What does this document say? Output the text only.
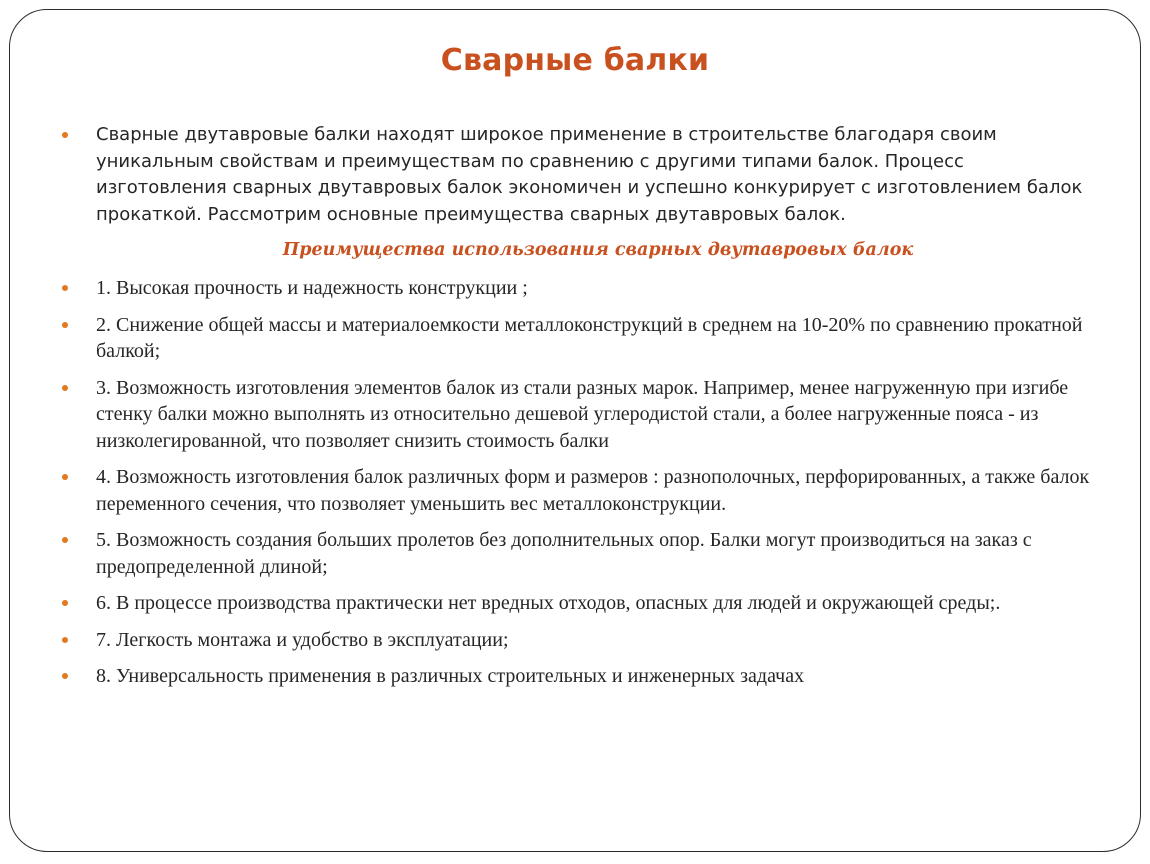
Сварные балки
Сварные двутавровые балки находят широкое применение в строительстве благодаря своим уникальным свойствам и преимуществам по сравнению с другими типами балок. Процесс изготовления сварных двутавровых балок экономичен и успешно конкурирует с изготовлением балок прокаткой. Рассмотрим основные преимущества сварных двутавровых балок.
Преимущества использования сварных двутавровых балок
1. Высокая прочность и надежность конструкции ;
2. Снижение общей массы и материалоемкости металлоконструкций в среднем на 10-20% по сравнению прокатной балкой;
3. Возможность изготовления элементов балок из стали разных марок. Например, менее нагруженную при изгибе стенку балки можно выполнять из относительно дешевой углеродистой стали, а более нагруженные пояса - из низколегированной, что позволяет снизить стоимость балки
4. Возможность изготовления балок различных форм и размеров : разнополочных, перфорированных, а также балок переменного сечения, что позволяет уменьшить вес металлоконструкции.
5. Возможность создания больших пролетов без дополнительных опор. Балки могут производиться на заказ с предопределенной длиной;
6. В процессе производства практически нет вредных отходов, опасных для людей и окружающей среды;.
7. Легкость монтажа и удобство в эксплуатации;
8. Универсальность применения в различных строительных и инженерных задачах
